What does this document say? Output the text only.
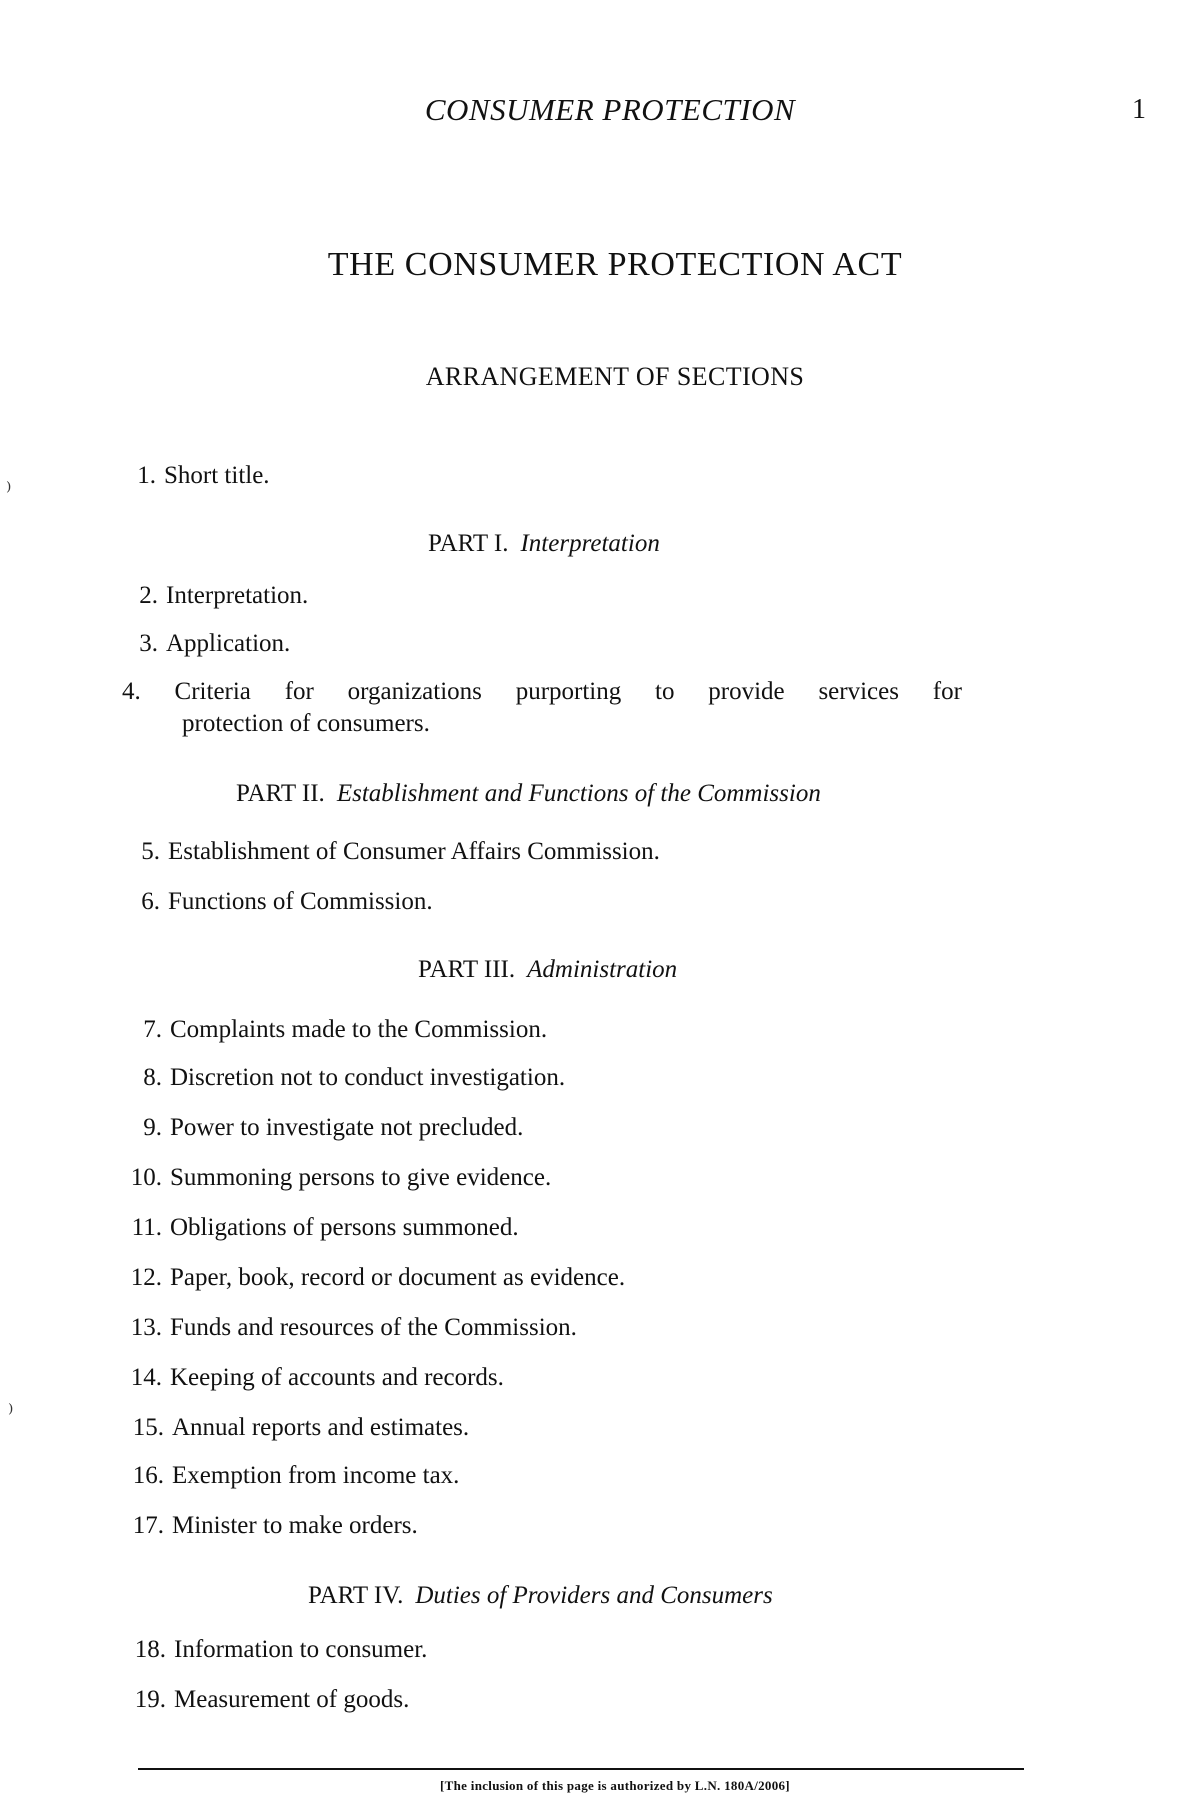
CONSUMER PROTECTION	1
THE CONSUMER PROTECTION ACT
ARRANGEMENT OF SECTIONS
⁾
⁾
1. Short title.
PART I. Interpretation
2. Interpretation.
3. Application.
4. Criteria for organizations purporting to provide services for
protection of consumers.
PART II. Establishment and Functions of the Commission
5. Establishment of Consumer Affairs Commission.
6. Functions of Commission.
PART III. Administration
7. Complaints made to the Commission.
8. Discretion not to conduct investigation.
9. Power to investigate not precluded.
10. Summoning persons to give evidence.
11. Obligations of persons summoned.
12. Paper, book, record or document as evidence.
13. Funds and resources of the Commission.
14. Keeping of accounts and records.
15. Annual reports and estimates.
16. Exemption from income tax.
17. Minister to make orders.
PART IV. Duties of Providers and Consumers
18. Information to consumer.
19. Measurement of goods.
[The inclusion of this page is authorized by L.N. 180A/2006]
